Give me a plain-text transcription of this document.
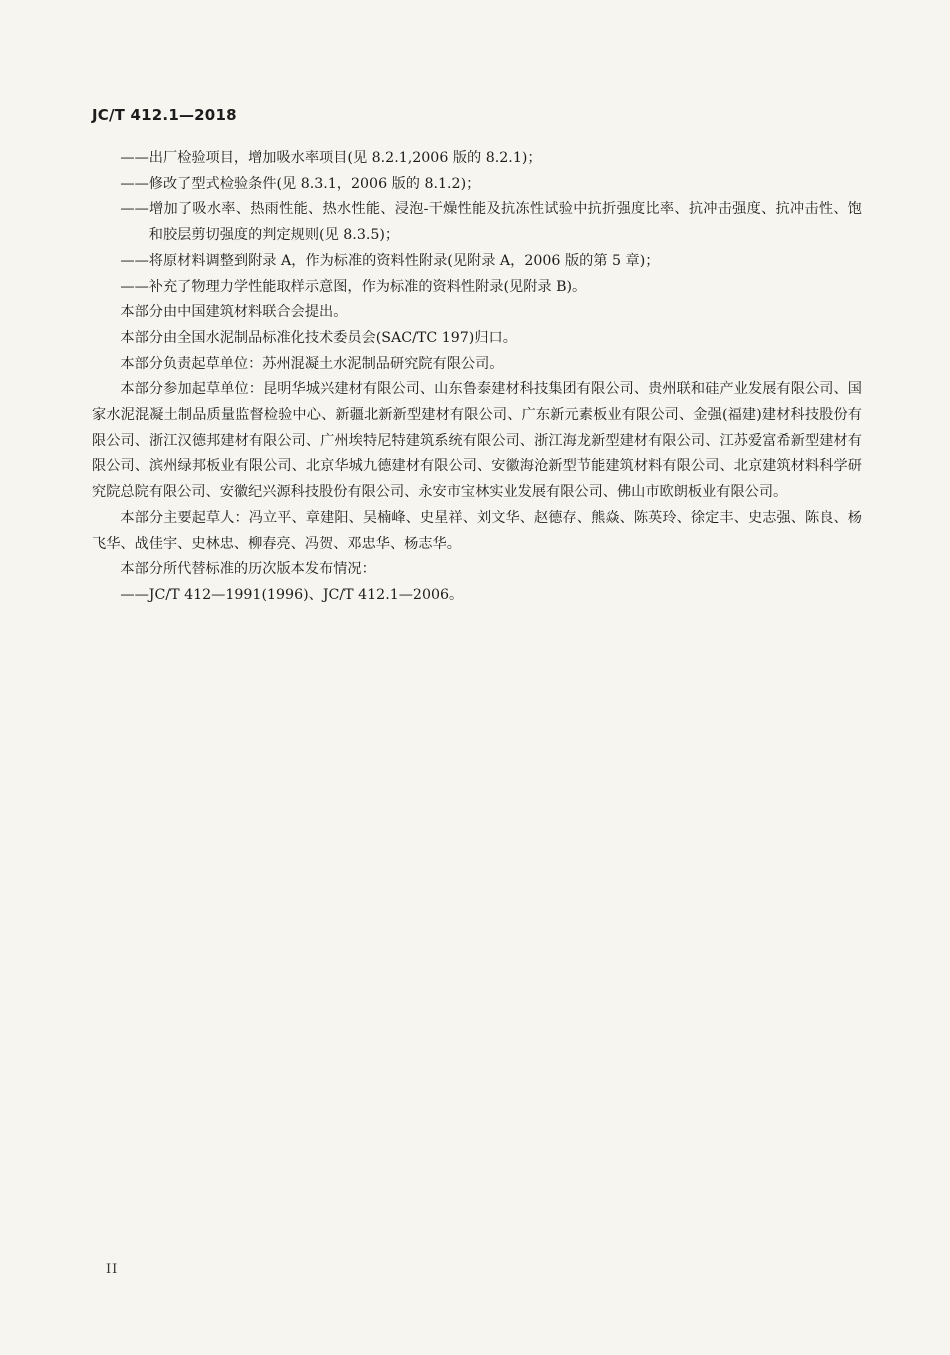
JC/T 412.1—2018

——出厂检验项目，增加吸水率项目(见 8.2.1,2006 版的 8.2.1)；

——修改了型式检验条件(见 8.3.1，2006 版的 8.1.2)；

——增加了吸水率、热雨性能、热水性能、浸泡-干燥性能及抗冻性试验中抗折强度比率、抗冲击强度、抗冲击性、饱和胶层剪切强度的判定规则(见 8.3.5)；

——将原材料调整到附录 A，作为标准的资料性附录(见附录 A，2006 版的第 5 章)；

——补充了物理力学性能取样示意图，作为标准的资料性附录(见附录 B)。

本部分由中国建筑材料联合会提出。

本部分由全国水泥制品标准化技术委员会(SAC/TC 197)归口。

本部分负责起草单位：苏州混凝土水泥制品研究院有限公司。

本部分参加起草单位：昆明华城兴建材有限公司、山东鲁泰建材科技集团有限公司、贵州联和硅产业发展有限公司、国家水泥混凝土制品质量监督检验中心、新疆北新新型建材有限公司、广东新元素板业有限公司、金强(福建)建材科技股份有限公司、浙江汉德邦建材有限公司、广州埃特尼特建筑系统有限公司、浙江海龙新型建材有限公司、江苏爱富希新型建材有限公司、滨州绿邦板业有限公司、北京华城九德建材有限公司、安徽海沧新型节能建筑材料有限公司、北京建筑材料科学研究院总院有限公司、安徽纪兴源科技股份有限公司、永安市宝林实业发展有限公司、佛山市欧朗板业有限公司。

本部分主要起草人：冯立平、章建阳、吴楠峰、史星祥、刘文华、赵德存、熊焱、陈英玲、徐定丰、史志强、陈良、杨飞华、战佳宇、史林忠、柳春亮、冯贺、邓忠华、杨志华。

本部分所代替标准的历次版本发布情况：

——JC/T 412—1991(1996)、JC/T 412.1—2006。

II
